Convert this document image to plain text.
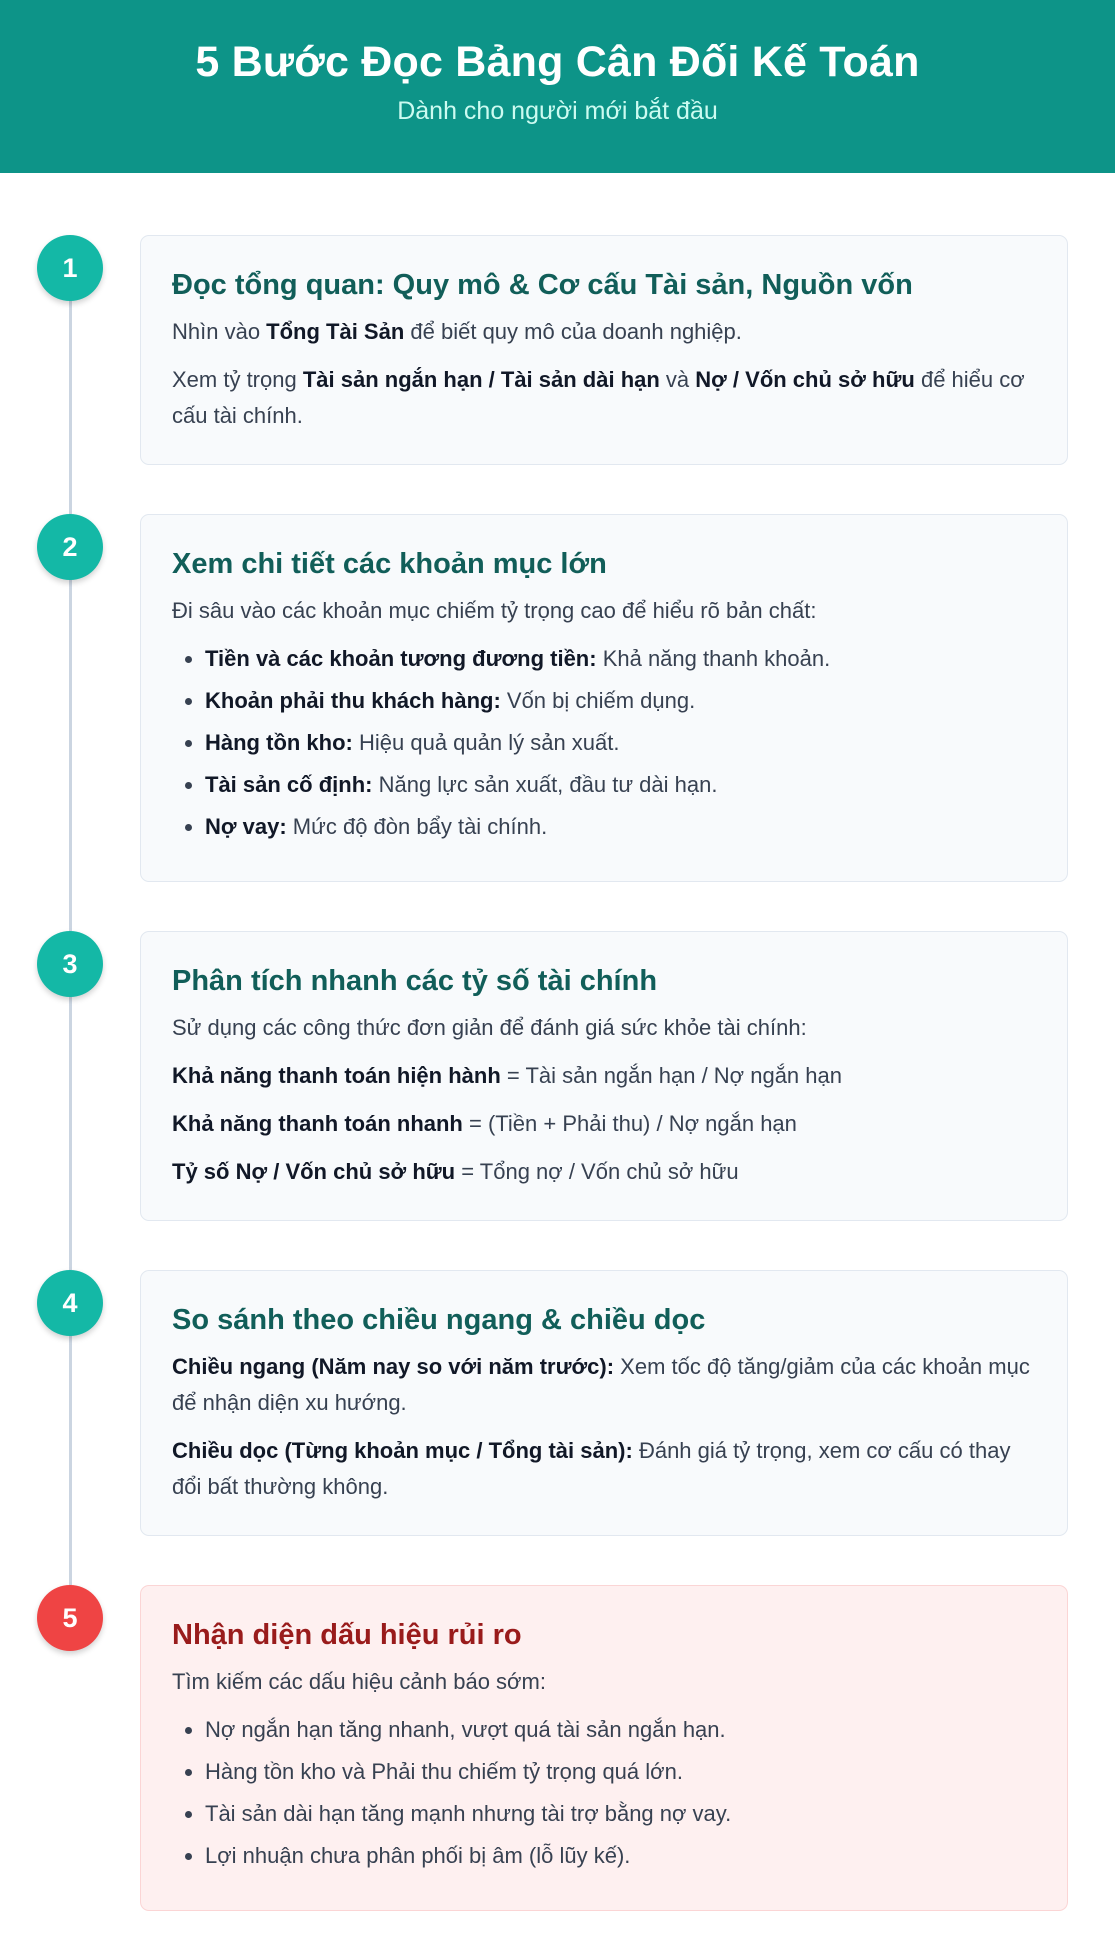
5 Bước Đọc Bảng Cân Đối Kế Toán

Dành cho người mới bắt đầu

1
Đọc tổng quan: Quy mô & Cơ cấu Tài sản, Nguồn vốn

Nhìn vào Tổng Tài Sản để biết quy mô của doanh nghiệp.

Xem tỷ trọng Tài sản ngắn hạn / Tài sản dài hạn và Nợ / Vốn chủ sở hữu để hiểu cơ cấu tài chính.

2
Xem chi tiết các khoản mục lớn

Đi sâu vào các khoản mục chiếm tỷ trọng cao để hiểu rõ bản chất:

• Tiền và các khoản tương đương tiền: Khả năng thanh khoản.
• Khoản phải thu khách hàng: Vốn bị chiếm dụng.
• Hàng tồn kho: Hiệu quả quản lý sản xuất.
• Tài sản cố định: Năng lực sản xuất, đầu tư dài hạn.
• Nợ vay: Mức độ đòn bẩy tài chính.
3
Phân tích nhanh các tỷ số tài chính

Sử dụng các công thức đơn giản để đánh giá sức khỏe tài chính:

Khả năng thanh toán hiện hành = Tài sản ngắn hạn / Nợ ngắn hạn

Khả năng thanh toán nhanh = (Tiền + Phải thu) / Nợ ngắn hạn

Tỷ số Nợ / Vốn chủ sở hữu = Tổng nợ / Vốn chủ sở hữu

4
So sánh theo chiều ngang & chiều dọc

Chiều ngang (Năm nay so với năm trước): Xem tốc độ tăng/giảm của các khoản mục để nhận diện xu hướng.

Chiều dọc (Từng khoản mục / Tổng tài sản): Đánh giá tỷ trọng, xem cơ cấu có thay đổi bất thường không.

5
Nhận diện dấu hiệu rủi ro

Tìm kiếm các dấu hiệu cảnh báo sớm:

• Nợ ngắn hạn tăng nhanh, vượt quá tài sản ngắn hạn.
• Hàng tồn kho và Phải thu chiếm tỷ trọng quá lớn.
• Tài sản dài hạn tăng mạnh nhưng tài trợ bằng nợ vay.
• Lợi nhuận chưa phân phối bị âm (lỗ lũy kế).
